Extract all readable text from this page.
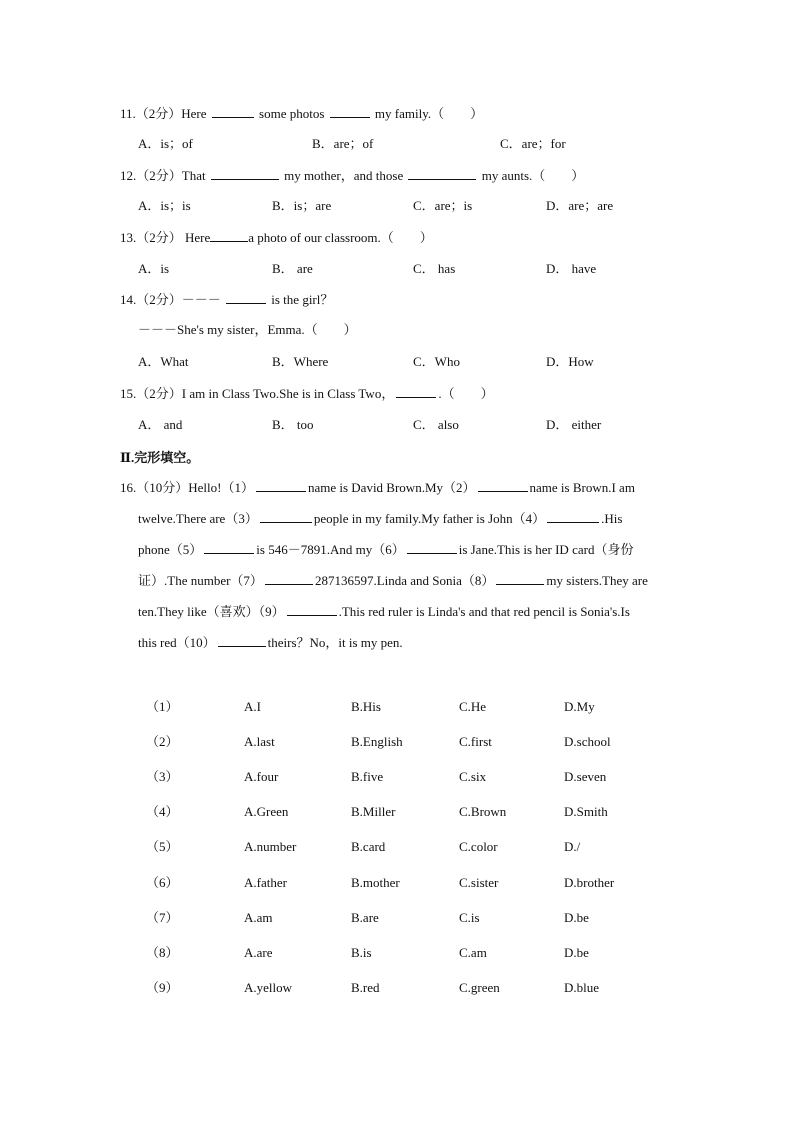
11.（2分）Here	some photos	my family.（　　）
A．is；of	B．are；of	C．are；for
12.（2分）That	my mother，and those	my aunts.（　　）
A．is；is	B．is；are	C．are；is	D．are；are
13.（2分） Here	a photo of our classroom.（　　）
A．is	B． are	C． has	D． have
14.（2分）－－－	is the girl？
－－－She's my sister，Emma.（　　）
A．What	B．Where	C．Who	D．How
15.（2分）I am in Class Two.She is in Class Two，	.（　　）
A． and	B． too	C． also	D． either
Ⅱ.完形填空。
16.（10分）Hello!（1）	name is David Brown.My（2）	name is Brown.I am
twelve.There are（3）	people in my family.My father is John（4）	.His
phone（5）	is 546－7891.And my（6）	is Jane.This is her ID card（身份
证）.The number（7）	287136597.Linda and Sonia（8）	my sisters.They are
ten.They like（喜欢）（9）	.This red ruler is Linda's and that red pencil is Sonia's.Is
this red（10）	theirs？No，it is my pen.
（1）	A.I	B.His	C.He	D.My
（2）	A.last	B.English	C.first	D.school
（3）	A.four	B.five	C.six	D.seven
（4）	A.Green	B.Miller	C.Brown	D.Smith
（5）	A.number	B.card	C.color	D./
（6）	A.father	B.mother	C.sister	D.brother
（7）	A.am	B.are	C.is	D.be
（8）	A.are	B.is	C.am	D.be
（9）	A.yellow	B.red	C.green	D.blue
